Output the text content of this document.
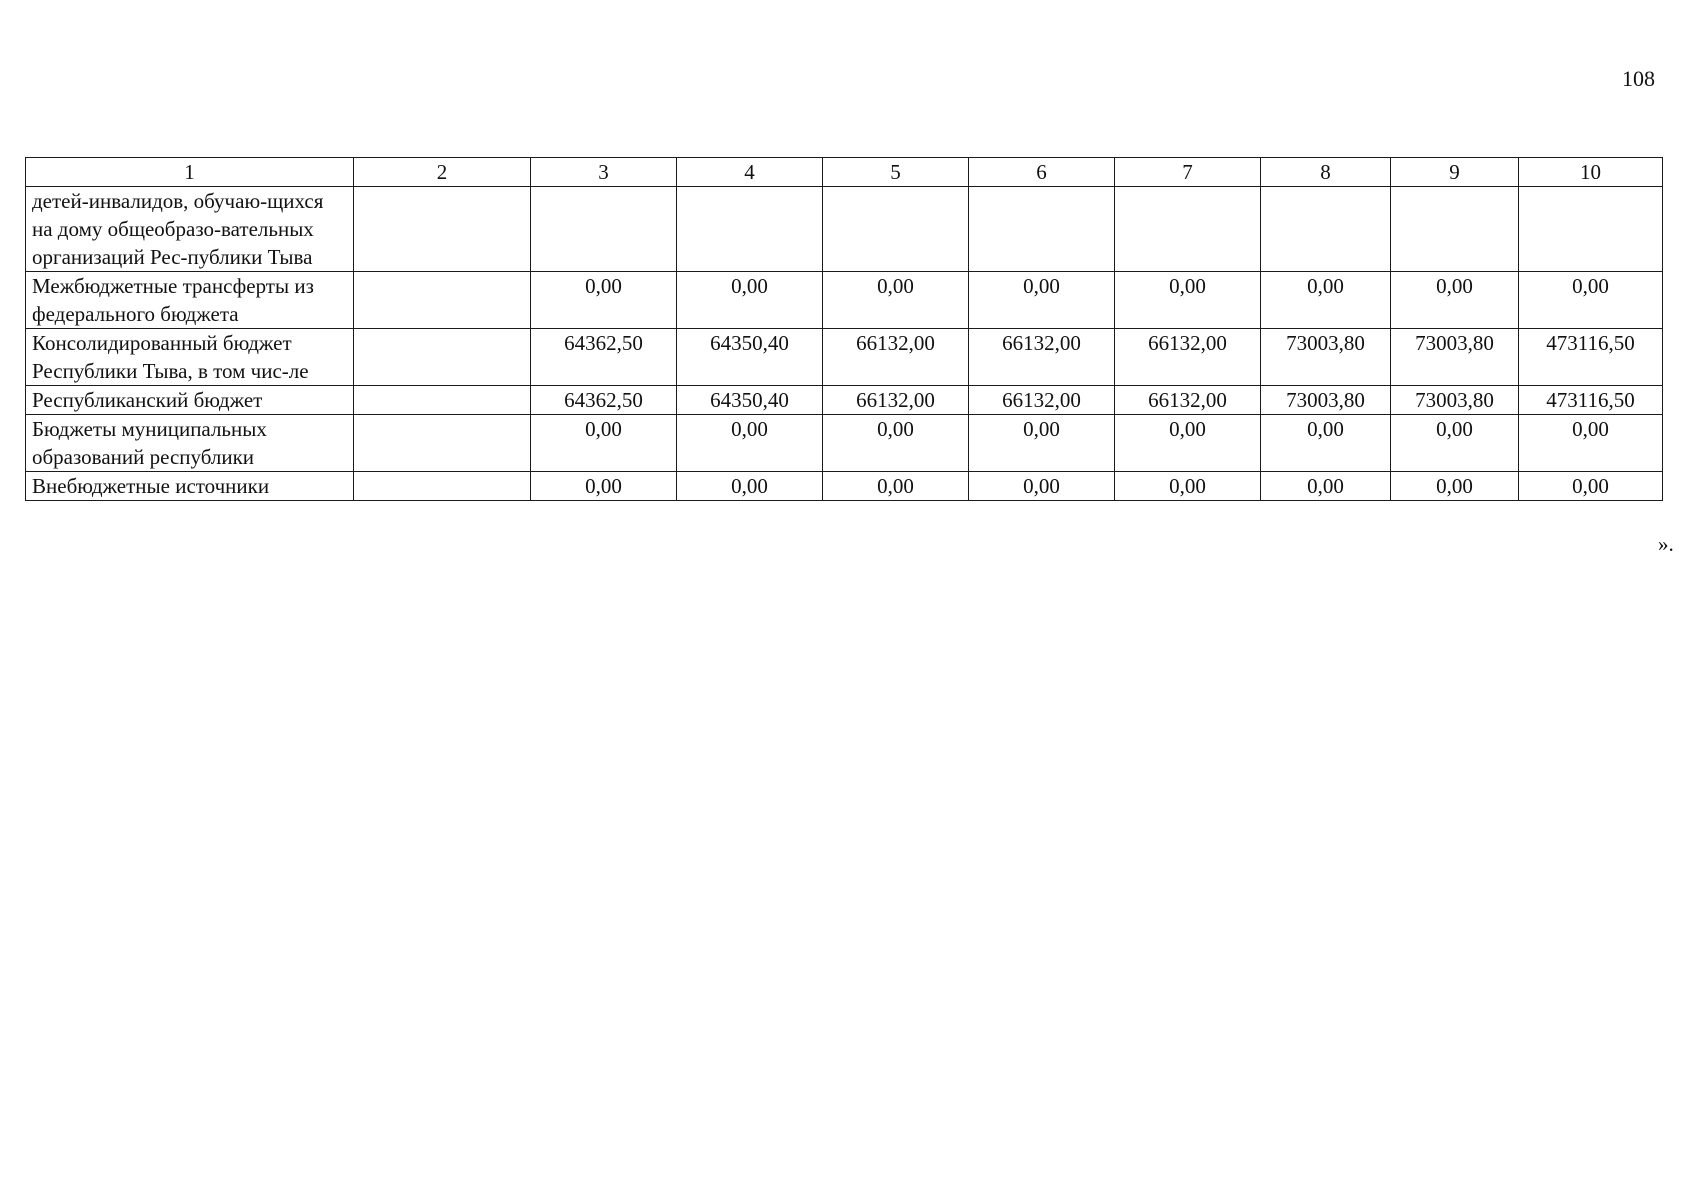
108
1	2	3	4	5	6	7	8	9	10
детей-инвалидов, обучаю-щихся на дому общеобразо-вательных организаций Рес-публики Тыва									
Межбюджетные трансферты из федерального бюджета		0,00	0,00	0,00	0,00	0,00	0,00	0,00	0,00
Консолидированный бюджет Республики Тыва, в том чис-ле		64362,50	64350,40	66132,00	66132,00	66132,00	73003,80	73003,80	473116,50
Республиканский бюджет		64362,50	64350,40	66132,00	66132,00	66132,00	73003,80	73003,80	473116,50
Бюджеты муниципальных образований республики		0,00	0,00	0,00	0,00	0,00	0,00	0,00	0,00
Внебюджетные источники		0,00	0,00	0,00	0,00	0,00	0,00	0,00	0,00
».
